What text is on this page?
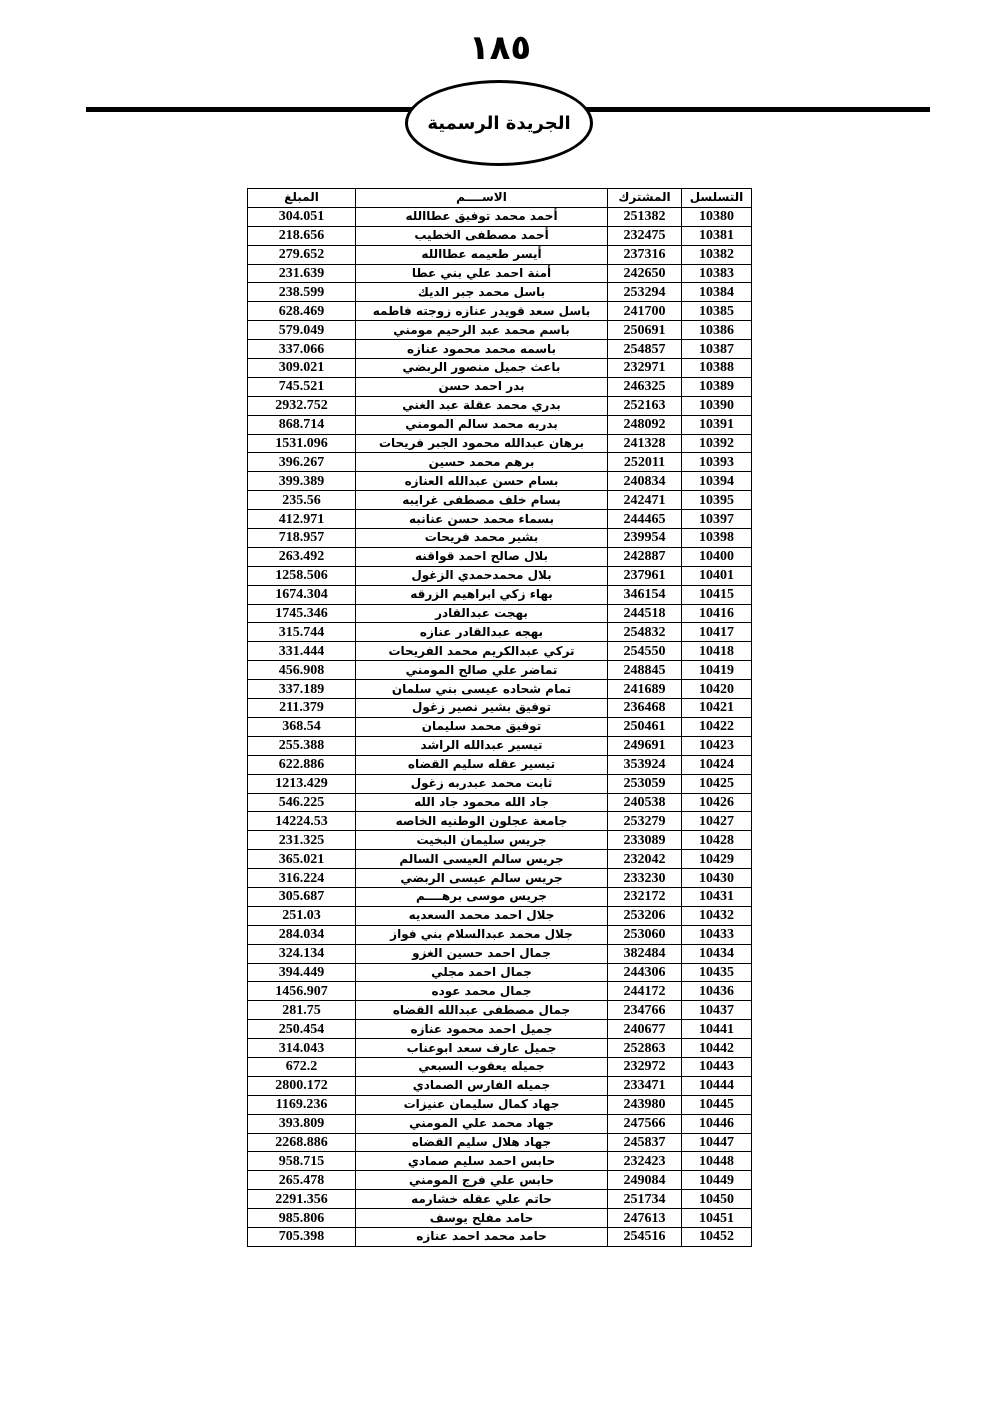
١٨٥
الجريدة الرسمية
التسلسل	المشترك	الاســــم	المبلغ
10380	251382	أحمد محمد توفيق عطاالله	304.051
10381	232475	أحمد مصطفى الخطيب	218.656
10382	237316	أيسر طعيمه عطاالله	279.652
10383	242650	أمنة احمد علي بني عطا	231.639
10384	253294	باسل محمد جبر الديك	238.599
10385	241700	باسل سعد قويدر عنازه زوجته فاطمه	628.469
10386	250691	باسم محمد عبد الرحيم مومني	579.049
10387	254857	باسمه محمد محمود عنازه	337.066
10388	232971	باعث جميل منصور الربضي	309.021
10389	246325	بدر احمد حسن	745.521
10390	252163	بدري محمد عقلة عبد الغني	2932.752
10391	248092	بدريه محمد سالم المومني	868.714
10392	241328	برهان عبدالله محمود الجبر فريحات	1531.096
10393	252011	برهم محمد حسين	396.267
10394	240834	بسام حسن عبدالله العنازه	399.389
10395	242471	بسام خلف مصطفى غرايبه	235.56
10397	244465	بسماء محمد حسن عنانبه	412.971
10398	239954	بشير محمد فريحات	718.957
10400	242887	بلال صالح احمد قواقنه	263.492
10401	237961	بلال محمدحمدي الزغول	1258.506
10415	346154	بهاء زكي ابراهيم الزرقه	1674.304
10416	244518	بهجت عبدالقادر	1745.346
10417	254832	بهجه عبدالقادر عنازه	315.744
10418	254550	تركي عبدالكريم محمد الفريحات	331.444
10419	248845	تماضر علي صالح المومني	456.908
10420	241689	تمام شحاده عيسى بني سلمان	337.189
10421	236468	توفيق بشير نصير زغول	211.379
10422	250461	توفيق محمد سليمان	368.54
10423	249691	تيسير عبدالله الراشد	255.388
10424	353924	تيسير عقله سليم القضاه	622.886
10425	253059	ثابت محمد عبدربه زغول	1213.429
10426	240538	جاد الله محمود جاد الله	546.225
10427	253279	جامعة عجلون الوطنيه الخاصه	14224.53
10428	233089	جريس سليمان البخيت	231.325
10429	232042	جريس سالم العيسى السالم	365.021
10430	233230	جريس سالم عيسى الربضي	316.224
10431	232172	جريس موسى برهــــم	305.687
10432	253206	جلال احمد محمد السعديه	251.03
10433	253060	جلال محمد عبدالسلام بني فواز	284.034
10434	382484	جمال احمد حسين الغزو	324.134
10435	244306	جمال احمد مجلي	394.449
10436	244172	جمال محمد عوده	1456.907
10437	234766	جمال مصطفى عبدالله القضاه	281.75
10441	240677	جميل احمد محمود عنازه	250.454
10442	252863	جميل عارف سعد ابوعناب	314.043
10443	232972	جميله يعقوب السبعي	672.2
10444	233471	جميله الفارس الصمادي	2800.172
10445	243980	جهاد كمال سليمان عنيزات	1169.236
10446	247566	جهاد محمد علي المومني	393.809
10447	245837	جهاد هلال سليم القضاه	2268.886
10448	232423	حابس احمد سليم صمادي	958.715
10449	249084	حابس علي فرج المومني	265.478
10450	251734	حاتم علي عقله خشارمه	2291.356
10451	247613	حامد مفلح يوسف	985.806
10452	254516	حامد محمد احمد عنازه	705.398
